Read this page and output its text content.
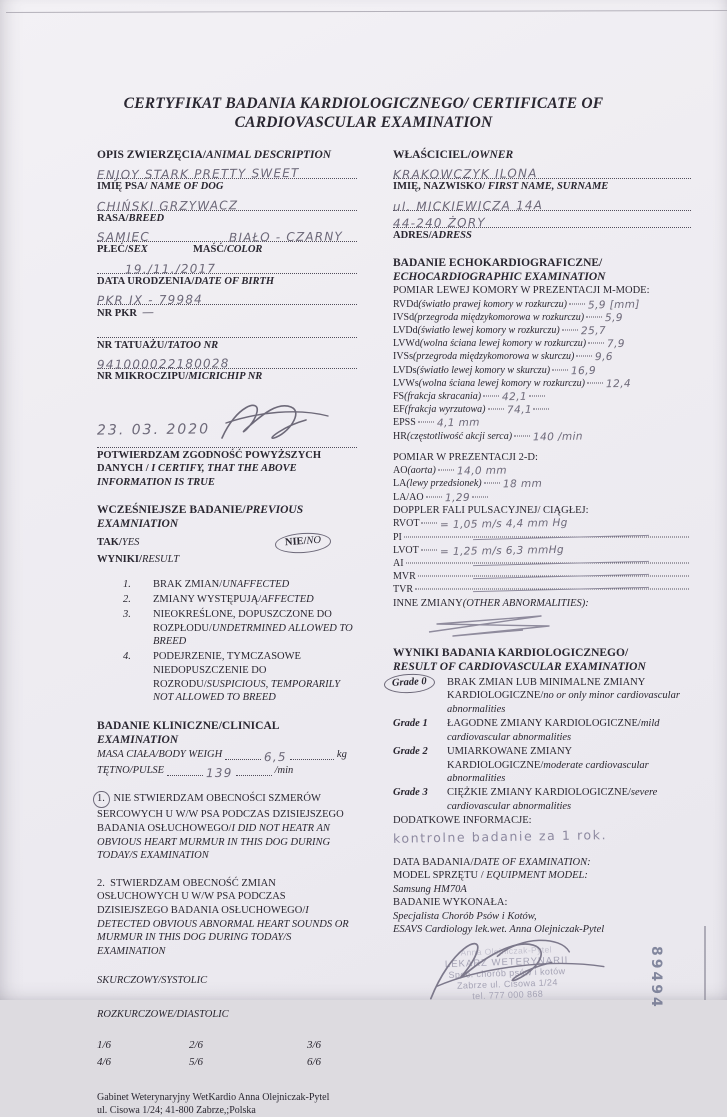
CERTYFIKAT BADANIA KARDIOLOGICZNEGO/ CERTIFICATE OF CARDIOVASCULAR EXAMINATION
OPIS ZWIERZĘCIA/ANIMAL DESCRIPTION
ENJOY STARK PRETTY SWEET
IMIĘ PSA/ NAME OF DOG
CHIŃSKI GRZYWACZ
RASA/BREED
SAMIEC	BIAŁO - CZARNY
PŁEĆ/SEX	MAŚĆ/COLOR
19./11./2017
DATA URODZENIA/DATE OF BIRTH
PKR IX - 79984
NR PKR —
NR TATUAŻU/TATOO NR
941000022180028
NR MIKROCZIPU/MICRICHIP NR
23. 03. 2020
POTWIERDZAM ZGODNOŚĆ POWYŻSZYCH DANYCH / I CERTIFY, THAT THE ABOVE INFORMATION IS TRUE
WCZEŚNIEJSZE BADANIE/PREVIOUS EXAMNIATION
TAK/YES	NIE/NO
WYNIKI/RESULT
1.	BRAK ZMIAN/UNAFFECTED
2.	ZMIANY WYSTĘPUJĄ/AFFECTED
3.	NIEOKREŚLONE, DOPUSZCZONE DO ROZPŁODU/UNDETRMINED ALLOWED TO BREED
4.	PODEJRZENIE, TYMCZASOWE NIEDOPUSZCZENIE DO ROZRODU/SUSPICIOUS, TEMPORARILY NOT ALLOWED TO BREED
BADANIE KLINICZNE/CLINICAL
EXAMINATION
MASA CIAŁA/BODY WEIGH	6,5	kg
TĘTNO/PULSE	139	/min

1. NIE STWIERDZAM OBECNOŚCI SZMERÓW SERCOWYCH U W/W PSA PODCZAS DZISIEJSZEGO BADANIA OSŁUCHOWEGO/I DID NOT HEATR AN OBVIOUS HEART MURMUR IN THIS DOG DURING TODAY/S EXAMINATION

2. STWIERDZAM OBECNOŚĆ ZMIAN OSŁUCHOWYCH U W/W PSA PODCZAS DZISIEJSZEGO BADANIA OSŁUCHOWEGO/I DETECTED OBVIOUS ABNORMAL HEART SOUNDS OR MURMUR IN THIS DOG DURING TODAY/S EXAMINATION

SKURCZOWY/SYSTOLIC
ROZKURCZOWE/DIASTOLIC
1/6	2/6	3/6
4/6	5/6	6/6
Gabinet Weterynaryjny WetKardio Anna Olejniczak-Pytel
ul. Cisowa 1/24; 41-800 Zabrze,;Polska
WŁAŚCICIEL/OWNER
KRAKOWCZYK ILONA
IMIĘ, NAZWISKO/ FIRST NAME, SURNAME
ul. MICKIEWICZA 14A
44-240 ŻORY
ADRES/ADRESS
BADANIE ECHOKARDIOGRAFICZNE/
ECHOCARDIOGRAPHIC EXAMINATION
POMIAR LEWEJ KOMORY W PREZENTACJI M-MODE:
RVDd (światło prawej komory w rozkurczu) 5,9 [mm]
IVSd (przegroda międzykomorowa w rozkurczu) 5,9
LVDd (światło lewej komory w rozkurczu) 25,7
LVWd (wolna ściana lewej komory w rozkurczu) 7,9
IVSs (przegroda międzykomorowa w skurczu) 9,6
LVDs (światło lewej komory w skurczu) 16,9
LVWs (wolna ściana lewej komory w rozkurczu) 12,4
FS (frakcja skracania) 42,1
EF (frakcja wyrzutowa) 74,1
EPSS 4,1 mm
HR (częstotliwość akcji serca) 140 /min
POMIAR W PREZENTACJI 2-D:
AO (aorta) 14,0 mm
LA (lewy przedsionek) 18 mm
LA/AO 1,29
DOPPLER FALI PULSACYJNEJ/ CIĄGŁEJ:
RVOT = 1,05 m/s 4,4 mm Hg
PI
LVOT = 1,25 m/s 6,3 mmHg
AI
MVR
TVR
INNE ZMIANY(OTHER ABNORMALITIES):
WYNIKI BADANIA KARDIOLOGICZNEGO/
RESULT OF CARDIOVASCULAR EXAMINATION
Grade 0	BRAK ZMIAN LUB MINIMALNE ZMIANY KARDIOLOGICZNE/no or only minor cardiovascular abnormalities
Grade 1	ŁAGODNE ZMIANY KARDIOLOGICZNE/mild cardiovascular abnormalities
Grade 2	UMIARKOWANE ZMIANY KARDIOLOGICZNE/moderate cardiovascular abnormalities
Grade 3	CIĘŻKIE ZMIANY KARDIOLOGICZNE/severe cardiovascular abnormalities
DODATKOWE INFORMACJE:
kontrolne badanie za 1 rok.
DATA BADANIA/DATE OF EXAMINATION:
MODEL SPRZĘTU / EQUIPMENT MODEL:
Samsung HM70A
BADANIE WYKONAŁA:
Specjalista Chorób Psów i Kotów,
ESAVS Cardiology lek.wet. Anna Olejniczak-Pytel
Anna Olejniczak-Pytel
LEKARZ WETERYNARII
Spec. chorób psów i kotów
Zabrze ul. Cisowa 1/24
tel. 777 000 868	89494
